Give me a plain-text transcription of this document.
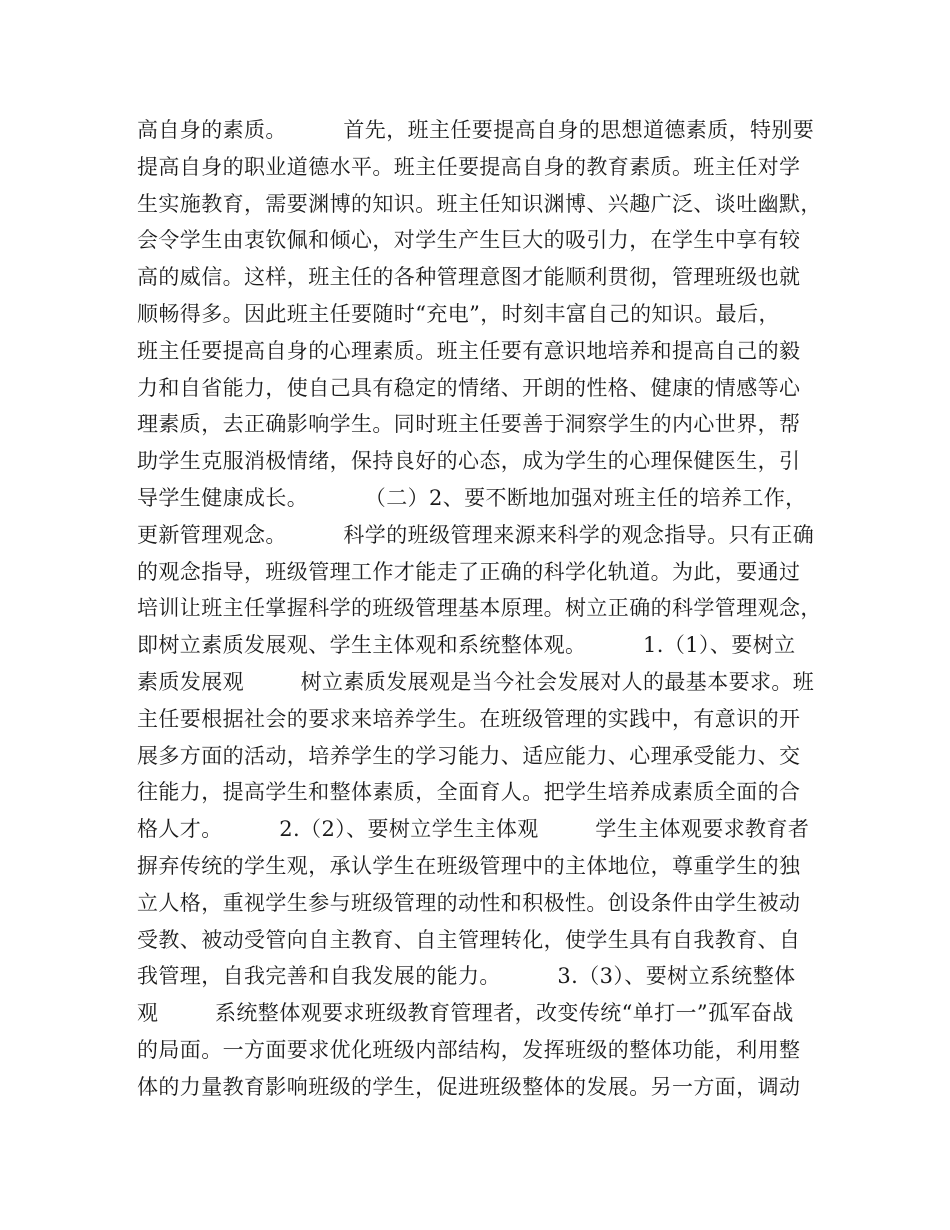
高自身的素质。        首先，班主任要提高自身的思想道德素质，特别要
提高自身的职业道德水平。班主任要提高自身的教育素质。班主任对学
生实施教育，需要渊博的知识。班主任知识渊博、兴趣广泛、谈吐幽默，
会令学生由衷钦佩和倾心，对学生产生巨大的吸引力，在学生中享有较
高的威信。这样，班主任的各种管理意图才能顺利贯彻，管理班级也就
顺畅得多。因此班主任要随时“充电”，时刻丰富自己的知识。最后，
班主任要提高自身的心理素质。班主任要有意识地培养和提高自己的毅
力和自省能力，使自己具有稳定的情绪、开朗的性格、健康的情感等心
理素质，去正确影响学生。同时班主任要善于洞察学生的内心世界，帮
助学生克服消极情绪，保持良好的心态，成为学生的心理保健医生，引
导学生健康成长。        （二）2、要不断地加强对班主任的培养工作，
更新管理观念。        科学的班级管理来源来科学的观念指导。只有正确
的观念指导，班级管理工作才能走了正确的科学化轨道。为此，要通过
培训让班主任掌握科学的班级管理基本原理。树立正确的科学管理观念，
即树立素质发展观、学生主体观和系统整体观。        1.（1）、要树立
素质发展观        树立素质发展观是当今社会发展对人的最基本要求。班
主任要根据社会的要求来培养学生。在班级管理的实践中，有意识的开
展多方面的活动，培养学生的学习能力、适应能力、心理承受能力、交
往能力，提高学生和整体素质，全面育人。把学生培养成素质全面的合
格人才。        2.（2）、要树立学生主体观        学生主体观要求教育者
摒弃传统的学生观，承认学生在班级管理中的主体地位，尊重学生的独
立人格，重视学生参与班级管理的动性和积极性。创设条件由学生被动
受教、被动受管向自主教育、自主管理转化，使学生具有自我教育、自
我管理，自我完善和自我发展的能力。        3.（3）、要树立系统整体
观        系统整体观要求班级教育管理者，改变传统“单打一”孤军奋战
的局面。一方面要求优化班级内部结构，发挥班级的整体功能，利用整
体的力量教育影响班级的学生，促进班级整体的发展。另一方面，调动
